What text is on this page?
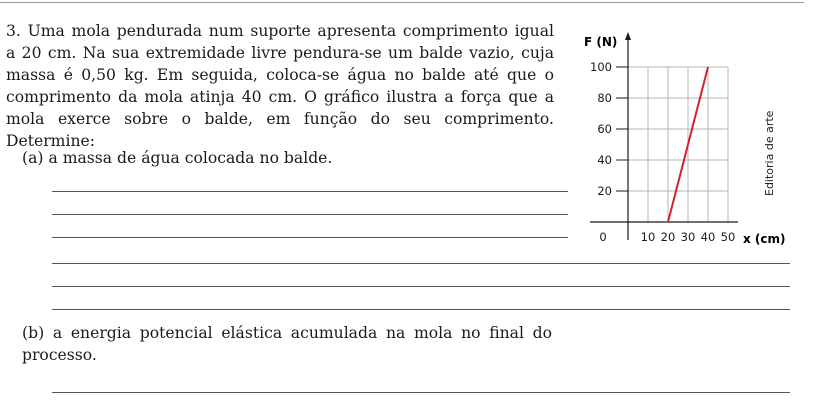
3. Uma mola pendurada num suporte apresenta comprimento igual a 20 cm. Na sua extremidade livre pendura-se um balde vazio, cuja massa é 0,50 kg. Em seguida, coloca-se água no balde até que o comprimento da mola atinja 40 cm. O gráfico ilustra a força que a mola exerce sobre o balde, em função do seu comprimento. Determine:
(a) a massa de água colocada no balde.
(b) a energia potencial elástica acumulada na mola no final do processo.
10 20 30 40 50
20
40
60
80
100
0
F (N)
x (cm)
Editoria de arte
